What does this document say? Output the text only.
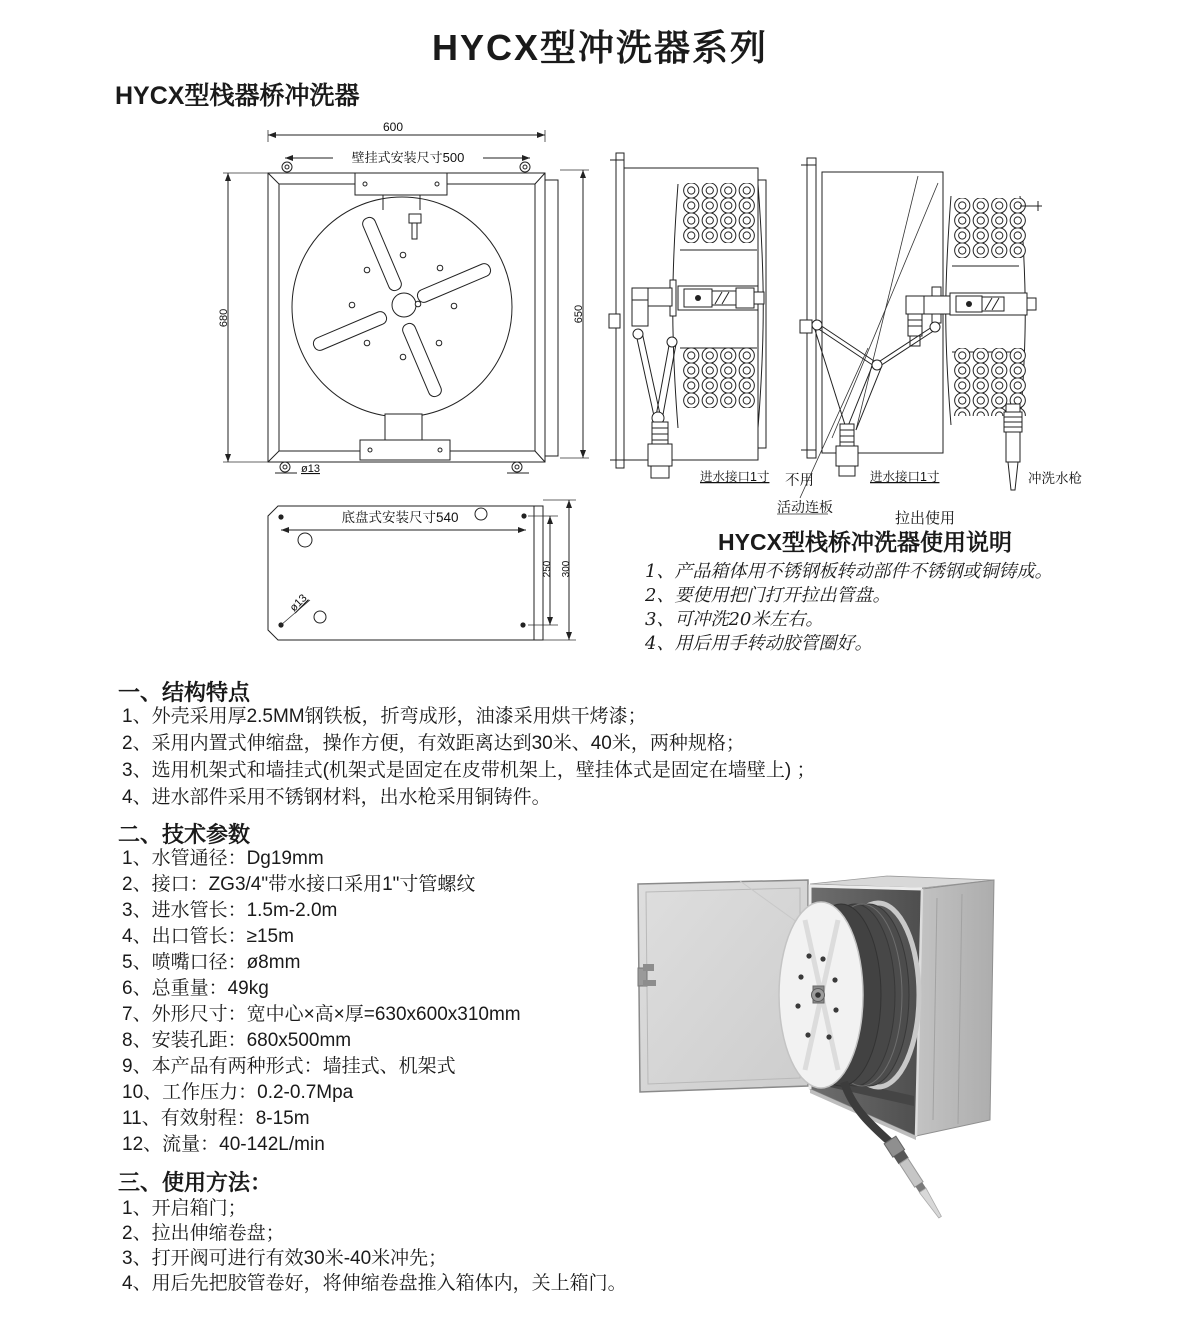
HYCX型冲洗器系列
HYCX型栈器桥冲洗器
600
壁挂式安装尺寸500
ø13
680	650
底盘式安装尺寸540
ø13
250 300
进水接口1寸 不用
活动连板
进水接口1寸
拉出使用
冲洗水枪
HYCX型栈桥冲洗器使用说明
1、产品箱体用不锈钢板转动部件不锈钢或铜铸成。
2、要使用把门打开拉出管盘。
3、可冲洗20米左右。
4、用后用手转动胶管圈好。
一、结构特点
1、外壳采用厚2.5MM钢铁板，折弯成形，油漆采用烘干烤漆；
2、采用内置式伸缩盘，操作方便，有效距离达到30米、40米，两种规格；
3、选用机架式和墙挂式(机架式是固定在皮带机架上，壁挂体式是固定在墙壁上) ；
4、进水部件采用不锈钢材料，出水枪采用铜铸件。
二、技术参数
1、水管通径：Dg19mm
2、接口：ZG3/4"带水接口采用1"寸管螺纹
3、进水管长：1.5m-2.0m
4、出口管长：≥15m
5、喷嘴口径：ø8mm
6、总重量：49kg
7、外形尺寸：宽中心×高×厚=630x600x310mm
8、安装孔距：680x500mm
9、本产品有两种形式：墙挂式、机架式
10、工作压力：0.2-0.7Mpa
11、有效射程：8-15m
12、流量：40-142L/min
三、使用方法：
1、开启箱门；
2、拉出伸缩卷盘；
3、打开阀可进行有效30米-40米冲先；
4、用后先把胶管卷好，将伸缩卷盘推入箱体内，关上箱门。
